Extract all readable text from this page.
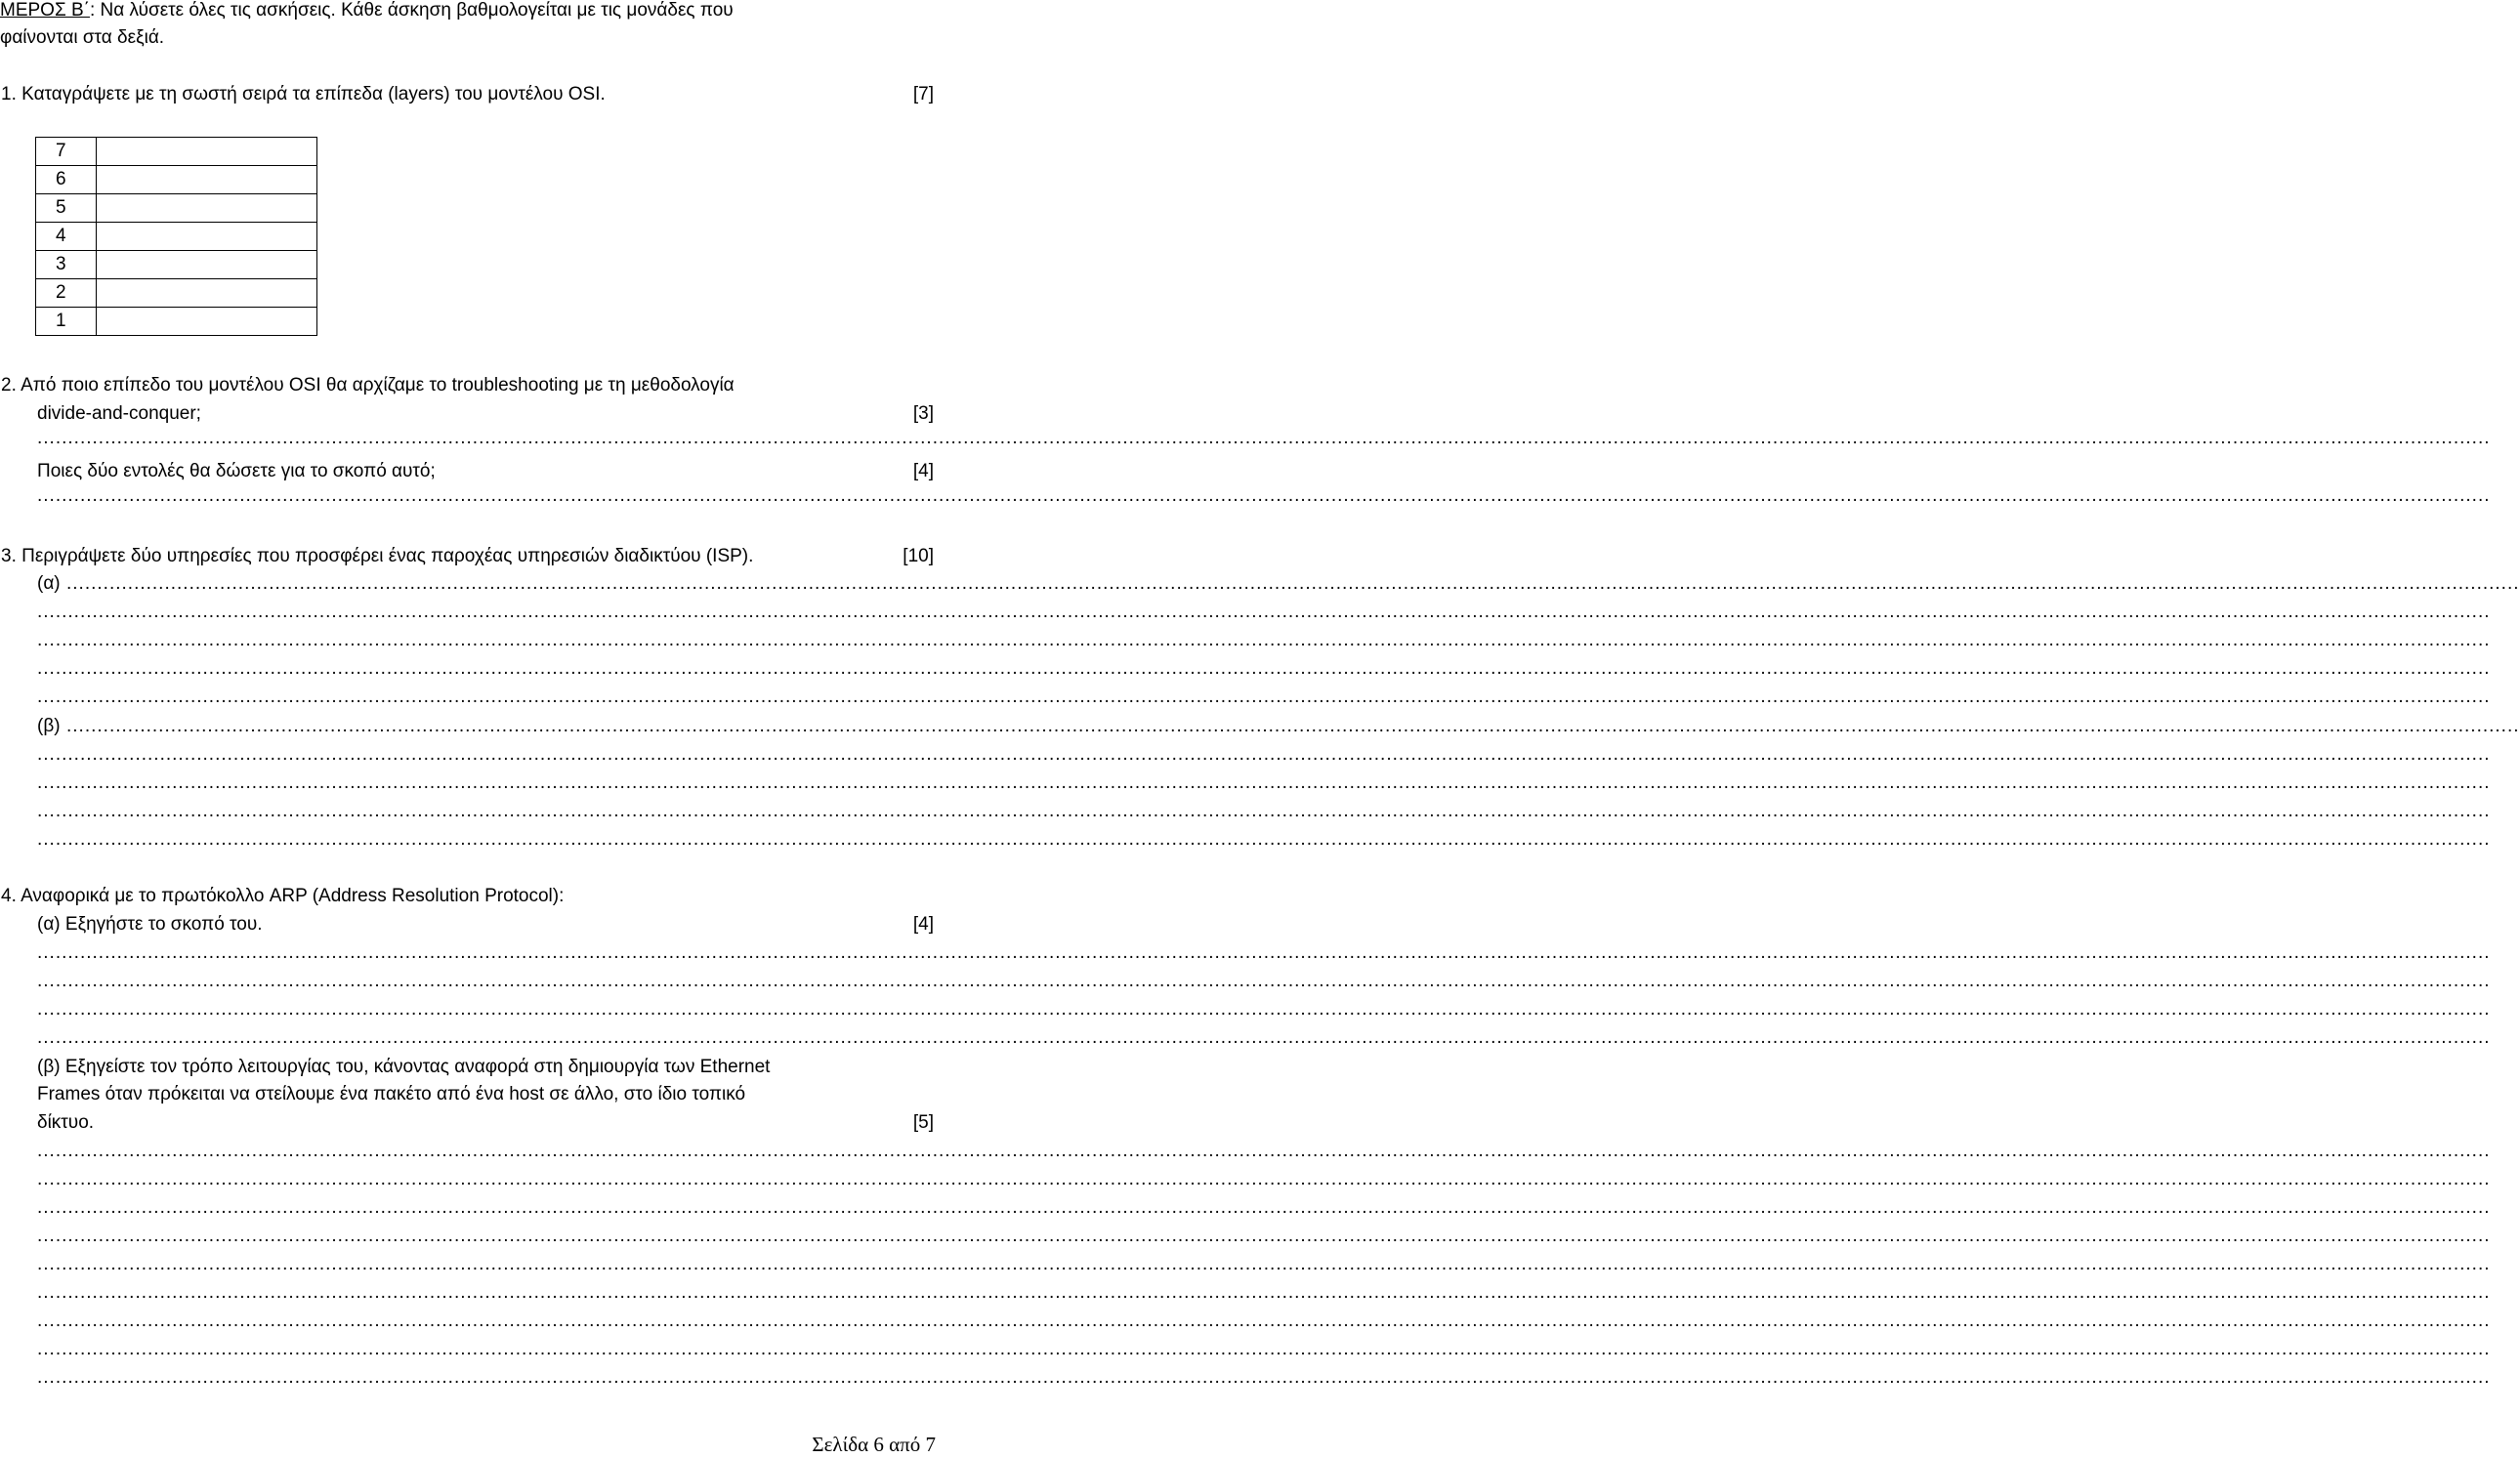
ΜΕΡΟΣ Β΄: Να λύσετε όλες τις ασκήσεις. Κάθε άσκηση βαθμολογείται με τις μονάδες που
φαίνονται στα δεξιά.
1. Καταγράψετε με τη σωστή σειρά τα επίπεδα (layers) του μοντέλου OSI.	[7]
7	
6	
5	
4	
3	
2	
1	
2. Από ποιο επίπεδο του μοντέλου OSI θα αρχίζαμε το troubleshooting με τη μεθοδολογία
divide-and-conquer;	[3]
................................................................................................................................................................................................................................................................................................................................................................................................................
Ποιες δύο εντολές θα δώσετε για το σκοπό αυτό;	[4]
................................................................................................................................................................................................................................................................................................................................................................................................................
3. Περιγράψετε δύο υπηρεσίες που προσφέρει ένας παροχέας υπηρεσιών διαδικτύου (ISP).	[10]
(α) ................................................................................................................................................................................................................................................................................................................................................................................................................
................................................................................................................................................................................................................................................................................................................................................................................................................
................................................................................................................................................................................................................................................................................................................................................................................................................
................................................................................................................................................................................................................................................................................................................................................................................................................
................................................................................................................................................................................................................................................................................................................................................................................................................
(β) ................................................................................................................................................................................................................................................................................................................................................................................................................
................................................................................................................................................................................................................................................................................................................................................................................................................
................................................................................................................................................................................................................................................................................................................................................................................................................
................................................................................................................................................................................................................................................................................................................................................................................................................
................................................................................................................................................................................................................................................................................................................................................................................................................
4. Αναφορικά με το πρωτόκολλο ARP (Address Resolution Protocol):
(α) Εξηγήστε το σκοπό του.	[4]
................................................................................................................................................................................................................................................................................................................................................................................................................
................................................................................................................................................................................................................................................................................................................................................................................................................
................................................................................................................................................................................................................................................................................................................................................................................................................
................................................................................................................................................................................................................................................................................................................................................................................................................
(β) Εξηγείστε τον τρόπο λειτουργίας του, κάνοντας αναφορά στη δημιουργία των Ethernet
Frames όταν πρόκειται να στείλουμε ένα πακέτο από ένα host σε άλλο, στο ίδιο τοπικό
δίκτυο.	[5]
................................................................................................................................................................................................................................................................................................................................................................................................................
................................................................................................................................................................................................................................................................................................................................................................................................................
................................................................................................................................................................................................................................................................................................................................................................................................................
................................................................................................................................................................................................................................................................................................................................................................................................................
................................................................................................................................................................................................................................................................................................................................................................................................................
................................................................................................................................................................................................................................................................................................................................................................................................................
................................................................................................................................................................................................................................................................................................................................................................................................................
................................................................................................................................................................................................................................................................................................................................................................................................................
................................................................................................................................................................................................................................................................................................................................................................................................................
Σελίδα 6 από 7
